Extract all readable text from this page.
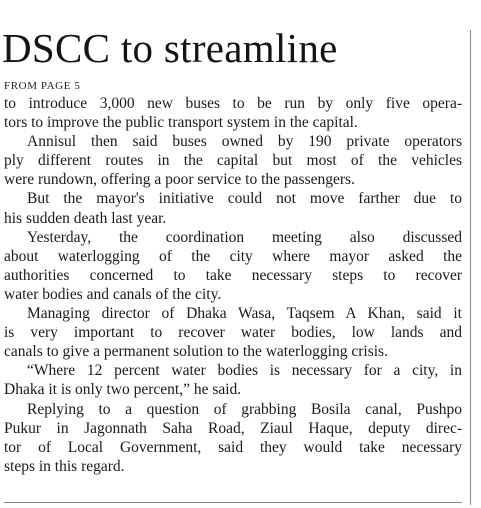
DSCC to streamline
FROM PAGE 5
to introduce 3,000 new buses to be run by only five opera-
tors to improve the public transport system in the capital.
Annisul then said buses owned by 190 private operators
ply different routes in the capital but most of the vehicles
were rundown, offering a poor service to the passengers.
But the mayor's initiative could not move farther due to
his sudden death last year.
Yesterday, the coordination meeting also discussed
about waterlogging of the city where mayor asked the
authorities concerned to take necessary steps to recover
water bodies and canals of the city.
Managing director of Dhaka Wasa, Taqsem A Khan, said it
is very important to recover water bodies, low lands and
canals to give a permanent solution to the waterlogging crisis.
“Where 12 percent water bodies is necessary for a city, in
Dhaka it is only two percent,” he said.
Replying to a question of grabbing Bosila canal, Pushpo
Pukur in Jagonnath Saha Road, Ziaul Haque, deputy direc-
tor of Local Government, said they would take necessary
steps in this regard.
